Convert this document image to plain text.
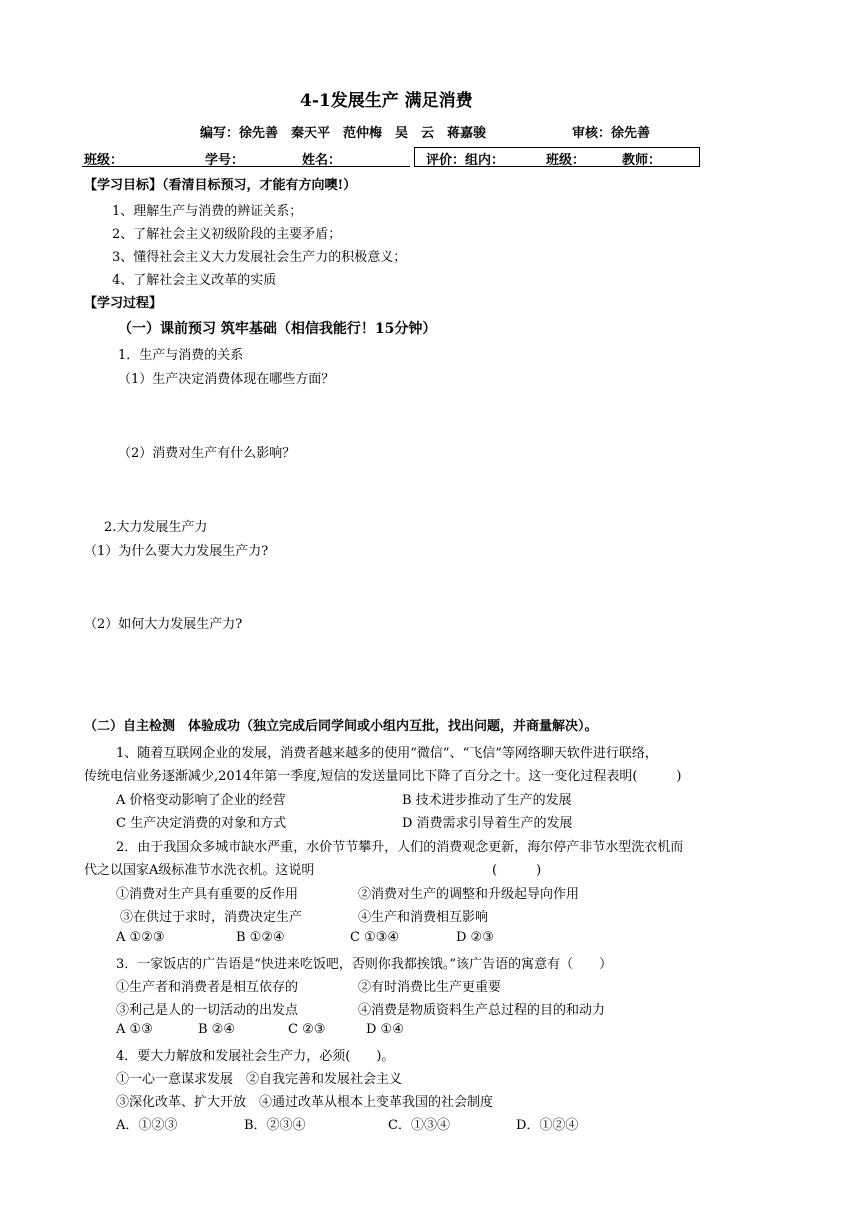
4-1发展生产 满足消费
编写：徐先善　秦天平　范仲梅　吴　云　蒋嘉骏	审核：徐先善
班级：	学号：	姓名：	评价：组内：	班级：	教师：
【学习目标】（看清目标预习，才能有方向噢!）
1、理解生产与消费的辨证关系；
2、了解社会主义初级阶段的主要矛盾；
3、懂得社会主义大力发展社会生产力的积极意义；
4、了解社会主义改革的实质
【学习过程】
（一）课前预习 筑牢基础（相信我能行！15分钟）
1．生产与消费的关系
（1）生产决定消费体现在哪些方面？
（2）消费对生产有什么影响？
2.大力发展生产力
（1）为什么要大力发展生产力?
（2）如何大力发展生产力?
（二）自主检测　体验成功（独立完成后同学间或小组内互批，找出问题，并商量解决）。
1、随着互联网企业的发展，消费者越来越多的使用“微信”、“飞信”等网络聊天软件进行联络，
传统电信业务逐渐减少,2014年第一季度,短信的发送量同比下降了百分之十。这一变化过程表明(　　　)
A 价格变动影响了企业的经营	B 技术进步推动了生产的发展
C 生产决定消费的对象和方式	D 消费需求引导着生产的发展
2．由于我国众多城市缺水严重，水价节节攀升，人们的消费观念更新，海尔停产非节水型洗衣机而
代之以国家A级标准节水洗衣机。这说明	(　　　)
①消费对生产具有重要的反作用	②消费对生产的调整和升级起导向作用
③在供过于求时，消费决定生产	④生产和消费相互影响
A ①②③	B ①②④	C ①③④	D ②③
3．一家饭店的广告语是“快进来吃饭吧，否则你我都挨饿。”该广告语的寓意有（　　）
①生产者和消费者是相互依存的	②有时消费比生产更重要
③利己是人的一切活动的出发点	④消费是物质资料生产总过程的目的和动力
A ①③	B ②④	C ②③	D ①④
4．要大力解放和发展社会生产力，必须(　　)。
①一心一意谋求发展　②自我完善和发展社会主义
③深化改革、扩大开放　④通过改革从根本上变革我国的社会制度
A．①②③	B．②③④	C．①③④	D．①②④
